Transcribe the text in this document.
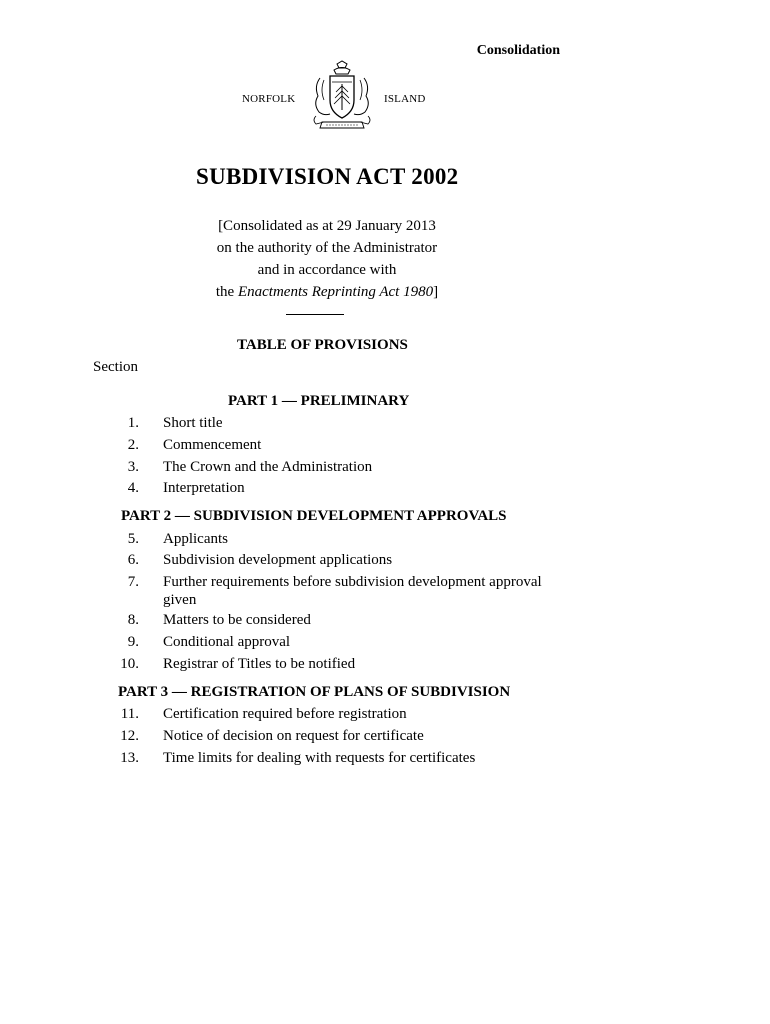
Consolidation
NORFOLK	ISLAND
SUBDIVISION ACT 2002
[Consolidated as at 29 January 2013
on the authority of the Administrator
and in accordance with
the Enactments Reprinting Act 1980]
TABLE OF PROVISIONS
Section
PART 1 — PRELIMINARY
1. Short title
2. Commencement
3. The Crown and the Administration
4. Interpretation
PART 2 — SUBDIVISION DEVELOPMENT APPROVALS
5. Applicants
6. Subdivision development applications
7. Further requirements before subdivision development approval given
8. Matters to be considered
9. Conditional approval
10. Registrar of Titles to be notified
PART 3 — REGISTRATION OF PLANS OF SUBDIVISION
11. Certification required before registration
12. Notice of decision on request for certificate
13. Time limits for dealing with requests for certificates
